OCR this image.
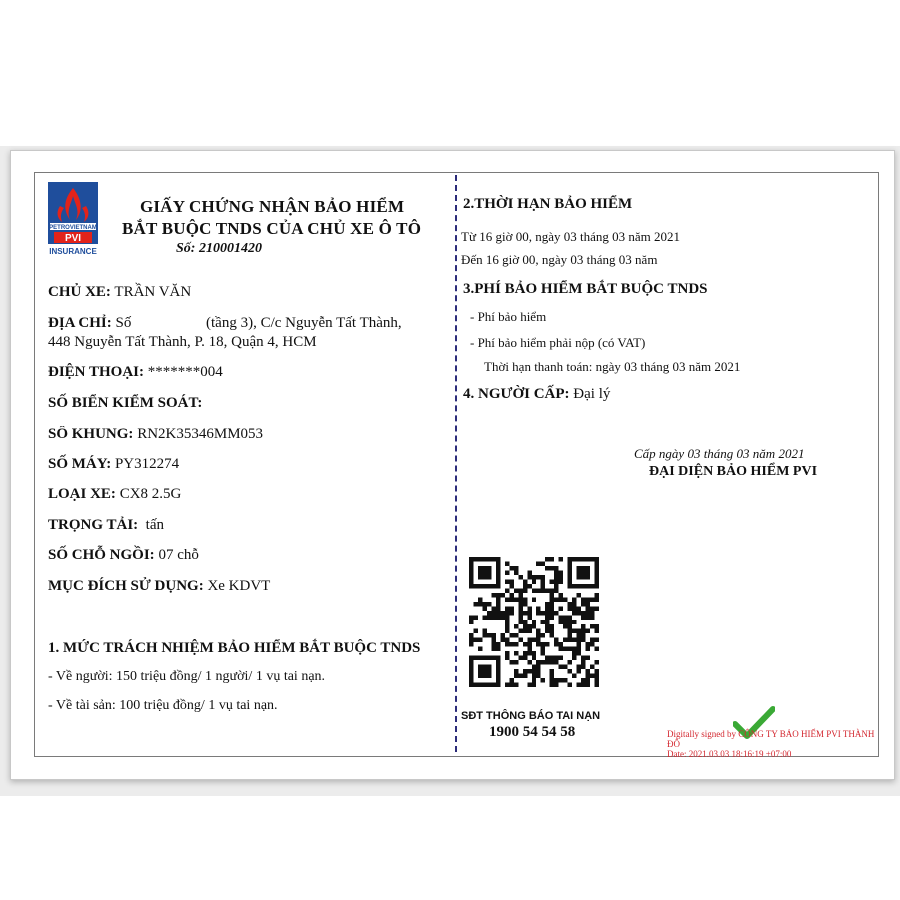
PETROVIETNAM
PVI
INSURANCE
GIẤY CHỨNG NHẬN BẢO HIỂM
BẮT BUỘC TNDS CỦA CHỦ XE Ô TÔ
Số: 210001420
CHỦ XE: TRẦN VĂN
ĐỊA CHỈ: Số	(tầng 3), C/c Nguyễn Tất Thành,
448 Nguyễn Tất Thành, P. 18, Quận 4, HCM
ĐIỆN THOẠI: *******004
SỐ BIỂN KIỂM SOÁT:
SỐ KHUNG: RN2K35346MM053
SỐ MÁY: PY312274
LOẠI XE: CX8 2.5G
TRỌNG TẢI: tấn
SỐ CHỖ NGỒI: 07 chỗ
MỤC ĐÍCH SỬ DỤNG: Xe KDVT
1. MỨC TRÁCH NHIỆM BẢO HIỂM BẮT BUỘC TNDS
- Về người: 150 triệu đồng/ 1 người/ 1 vụ tai nạn.
- Về tài sản: 100 triệu đồng/ 1 vụ tai nạn.
2.THỜI HẠN BẢO HIỂM
Từ 16 giờ 00, ngày 03 tháng 03 năm 2021
Đến 16 giờ 00, ngày 03 tháng 03 năm
3.PHÍ BẢO HIỂM BẮT BUỘC TNDS
- Phí bảo hiểm
- Phí bảo hiểm phải nộp (có VAT)
Thời hạn thanh toán: ngày 03 tháng 03 năm 2021
4. NGƯỜI CẤP: Đại lý
Cấp ngày 03 tháng 03 năm 2021
ĐẠI DIỆN BẢO HIỂM PVI
SĐT THÔNG BÁO TAI NẠN
1900 54 54 58	Digitally signed by CÔNG TY BẢO HIỂM PVI THÀNH
ĐÔ
Date: 2021.03.03 18:16:19 +07:00
